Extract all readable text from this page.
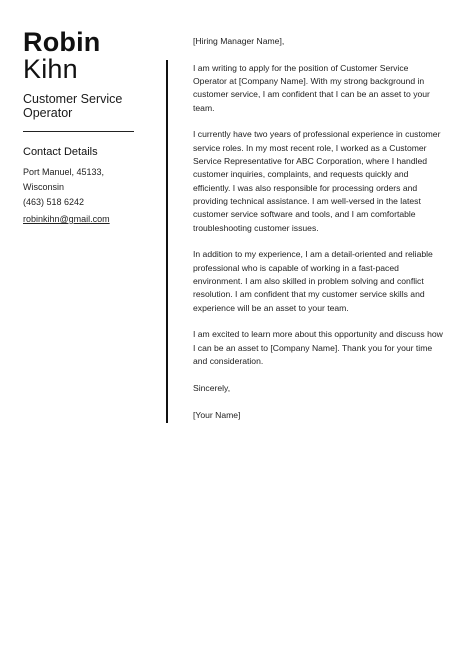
Robin
Kihn
Customer Service Operator
Contact Details
Port Manuel, 45133,
Wisconsin
(463) 518 6242
robinkihn@gmail.com

[Hiring Manager Name],

I am writing to apply for the position of Customer Service Operator at [Company Name]. With my strong background in customer service, I am confident that I can be an asset to your team.

I currently have two years of professional experience in customer service roles. In my most recent role, I worked as a Customer Service Representative for ABC Corporation, where I handled customer inquiries, complaints, and requests quickly and efficiently. I was also responsible for processing orders and providing technical assistance. I am well-versed in the latest customer service software and tools, and I am comfortable troubleshooting customer issues.

In addition to my experience, I am a detail-oriented and reliable professional who is capable of working in a fast-paced environment. I am also skilled in problem solving and conflict resolution. I am confident that my customer service skills and experience will be an asset to your team.

I am excited to learn more about this opportunity and discuss how I can be an asset to [Company Name]. Thank you for your time and consideration.

Sincerely,

[Your Name]
